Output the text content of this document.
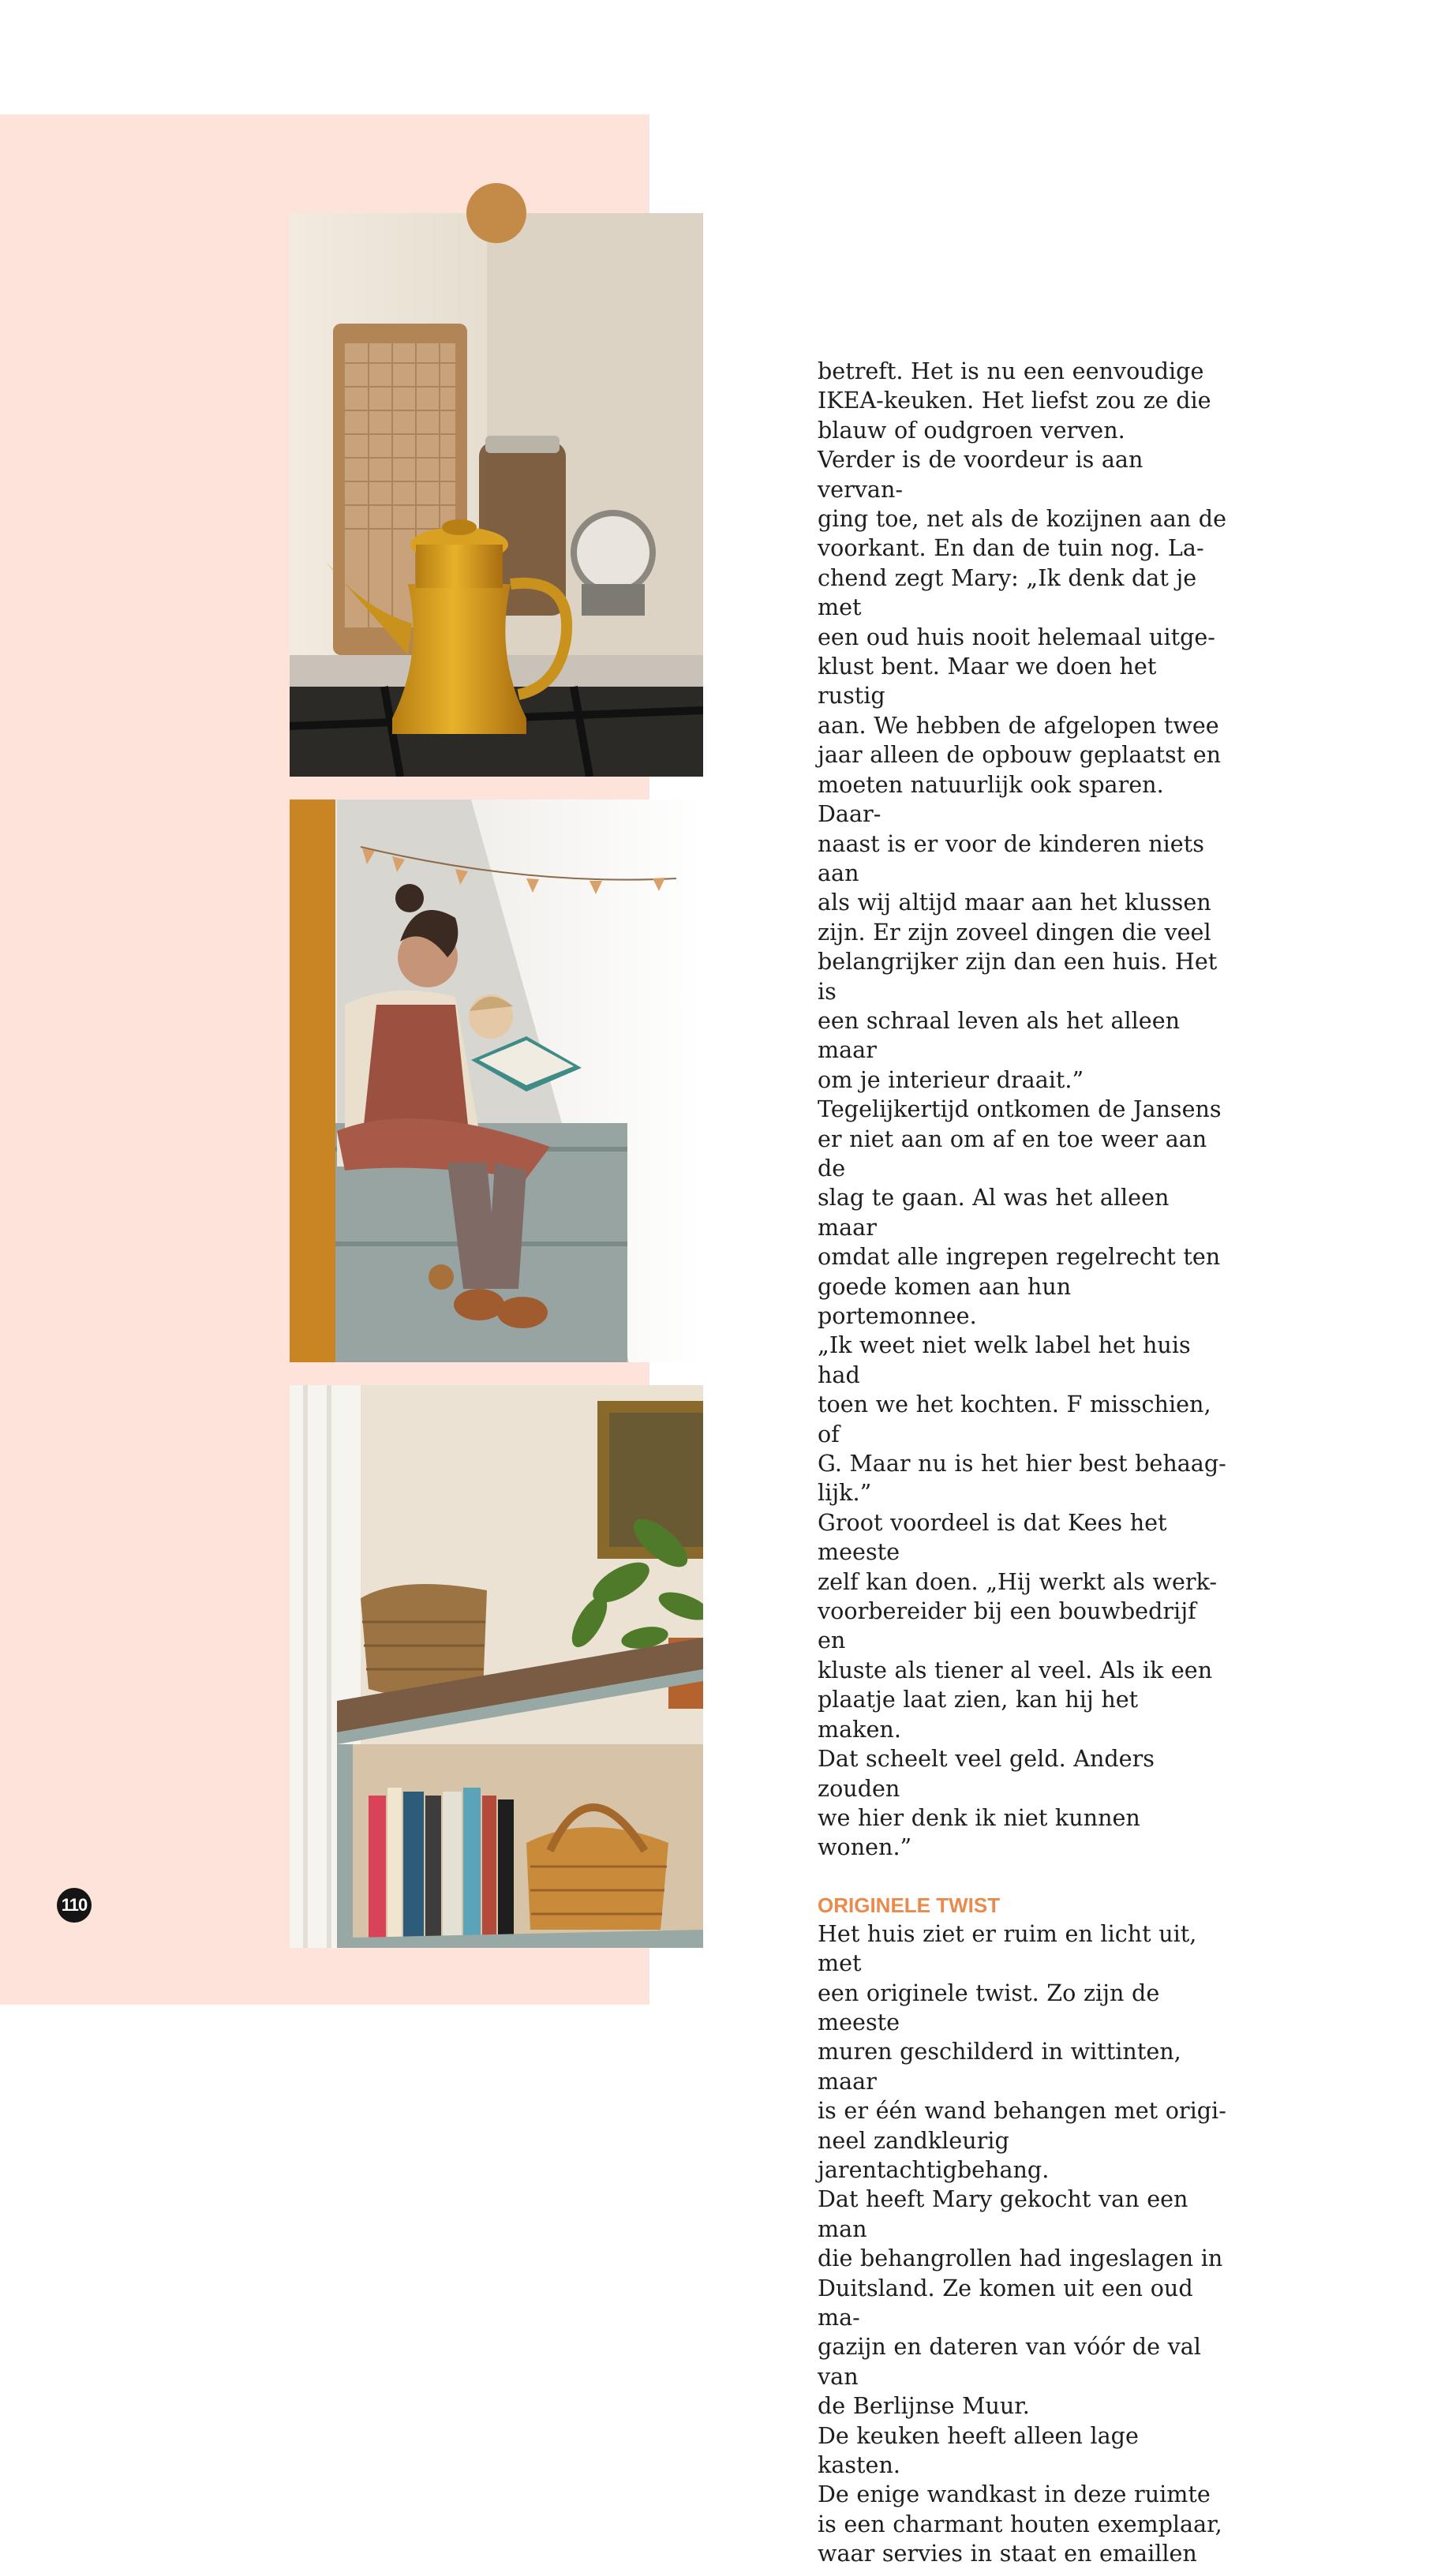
betreft. Het is nu een eenvoudige
IKEA-keuken. Het liefst zou ze die
blauw of oudgroen verven.

Verder is de voordeur is aan vervan-
ging toe, net als de kozijnen aan de
voorkant. En dan de tuin nog. La-
chend zegt Mary: „Ik denk dat je met
een oud huis nooit helemaal uitge-
klust bent. Maar we doen het rustig
aan. We hebben de afgelopen twee
jaar alleen de opbouw geplaatst en
moeten natuurlijk ook sparen. Daar-
naast is er voor de kinderen niets aan
als wij altijd maar aan het klussen
zijn. Er zijn zoveel dingen die veel
belangrijker zijn dan een huis. Het is
een schraal leven als het alleen maar
om je interieur draait.”

Tegelijkertijd ontkomen de Jansens
er niet aan om af en toe weer aan de
slag te gaan. Al was het alleen maar
omdat alle ingrepen regelrecht ten
goede komen aan hun portemonnee.
„Ik weet niet welk label het huis had
toen we het kochten. F misschien, of
G. Maar nu is het hier best behaag-
lijk.”

Groot voordeel is dat Kees het meeste
zelf kan doen. „Hij werkt als werk-
voorbereider bij een bouwbedrijf en
kluste als tiener al veel. Als ik een
plaatje laat zien, kan hij het maken.
Dat scheelt veel geld. Anders zouden
we hier denk ik niet kunnen wonen.”

ORIGINELE TWIST

Het huis ziet er ruim en licht uit, met
een originele twist. Zo zijn de meeste
muren geschilderd in wittinten, maar
is er één wand behangen met origi-
neel zandkleurig jarentachtigbehang.
Dat heeft Mary gekocht van een man
die behangrollen had ingeslagen in
Duitsland. Ze komen uit een oud ma-
gazijn en dateren van vóór de val van
de Berlijnse Muur.

De keuken heeft alleen lage kasten.
De enige wandkast in deze ruimte
is een charmant houten exemplaar,
waar servies in staat en emaillen

110
